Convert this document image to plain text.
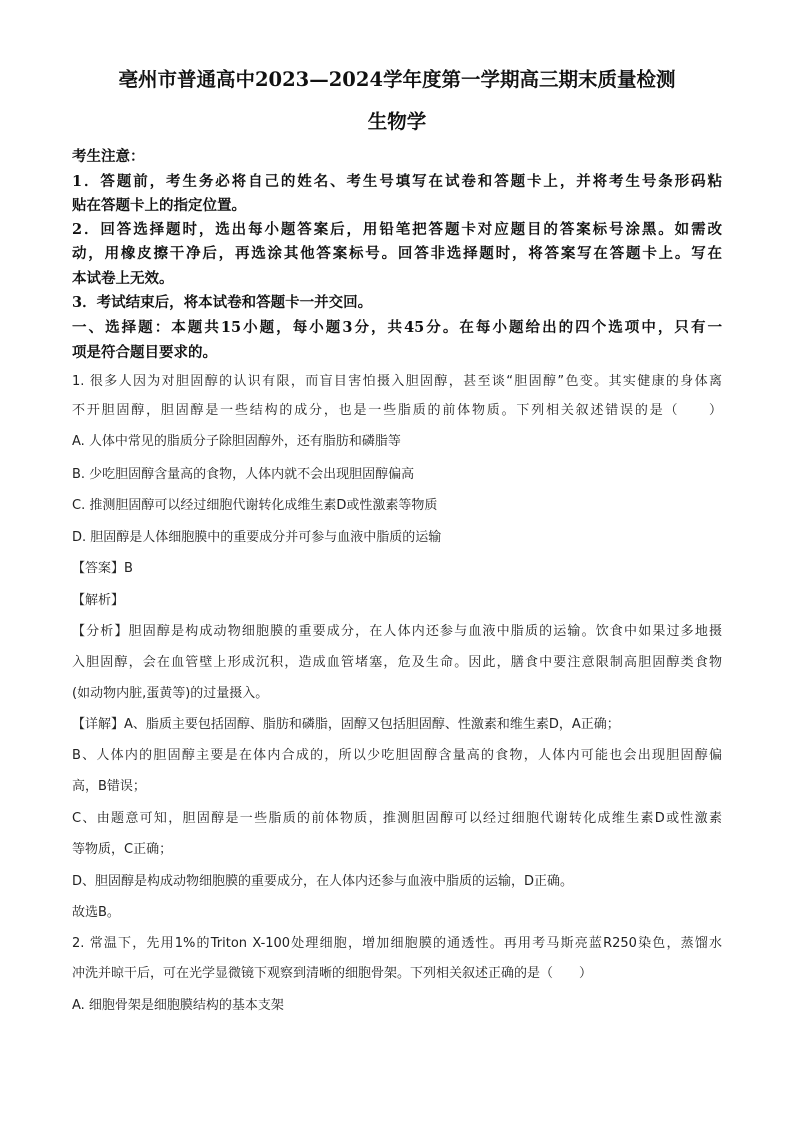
亳州市普通高中2023—2024学年度第一学期高三期末质量检测
生物学
考生注意：
1．答题前，考生务必将自己的姓名、考生号填写在试卷和答题卡上，并将考生号条形码粘
贴在答题卡上的指定位置。
2．回答选择题时，选出每小题答案后，用铅笔把答题卡对应题目的答案标号涂黑。如需改
动，用橡皮擦干净后，再选涂其他答案标号。回答非选择题时，将答案写在答题卡上。写在
本试卷上无效。
3．考试结束后，将本试卷和答题卡一并交回。
一、选择题：本题共15小题，每小题3分，共45分。在每小题给出的四个选项中，只有一
项是符合题目要求的。
1. 很多人因为对胆固醇的认识有限，而盲目害怕摄入胆固醇，甚至谈“胆固醇”色变。其实健康的身体离
不开胆固醇，胆固醇是一些结构的成分，也是一些脂质的前体物质。下列相关叙述错误的是（　　）
A. 人体中常见的脂质分子除胆固醇外，还有脂肪和磷脂等
B. 少吃胆固醇含量高的食物，人体内就不会出现胆固醇偏高
C. 推测胆固醇可以经过细胞代谢转化成维生素D或性激素等物质
D. 胆固醇是人体细胞膜中的重要成分并可参与血液中脂质的运输
【答案】B
【解析】
【分析】胆固醇是构成动物细胞膜的重要成分，在人体内还参与血液中脂质的运输。饮食中如果过多地摄
入胆固醇，会在血管壁上形成沉积，造成血管堵塞，危及生命。因此，膳食中要注意限制高胆固醇类食物
(如动物内脏,蛋黄等)的过量摄入。
【详解】A、脂质主要包括固醇、脂肪和磷脂，固醇又包括胆固醇、性激素和维生素D，A正确；
B、人体内的胆固醇主要是在体内合成的，所以少吃胆固醇含量高的食物，人体内可能也会出现胆固醇偏
高，B错误；
C、由题意可知，胆固醇是一些脂质的前体物质，推测胆固醇可以经过细胞代谢转化成维生素D或性激素
等物质，C正确；
D、胆固醇是构成动物细胞膜的重要成分，在人体内还参与血液中脂质的运输，D正确。
故选B。
2. 常温下，先用1%的Triton X-100处理细胞，增加细胞膜的通透性。再用考马斯亮蓝R250染色，蒸馏水
冲洗并晾干后，可在光学显微镜下观察到清晰的细胞骨架。下列相关叙述正确的是（　　）
A. 细胞骨架是细胞膜结构的基本支架
